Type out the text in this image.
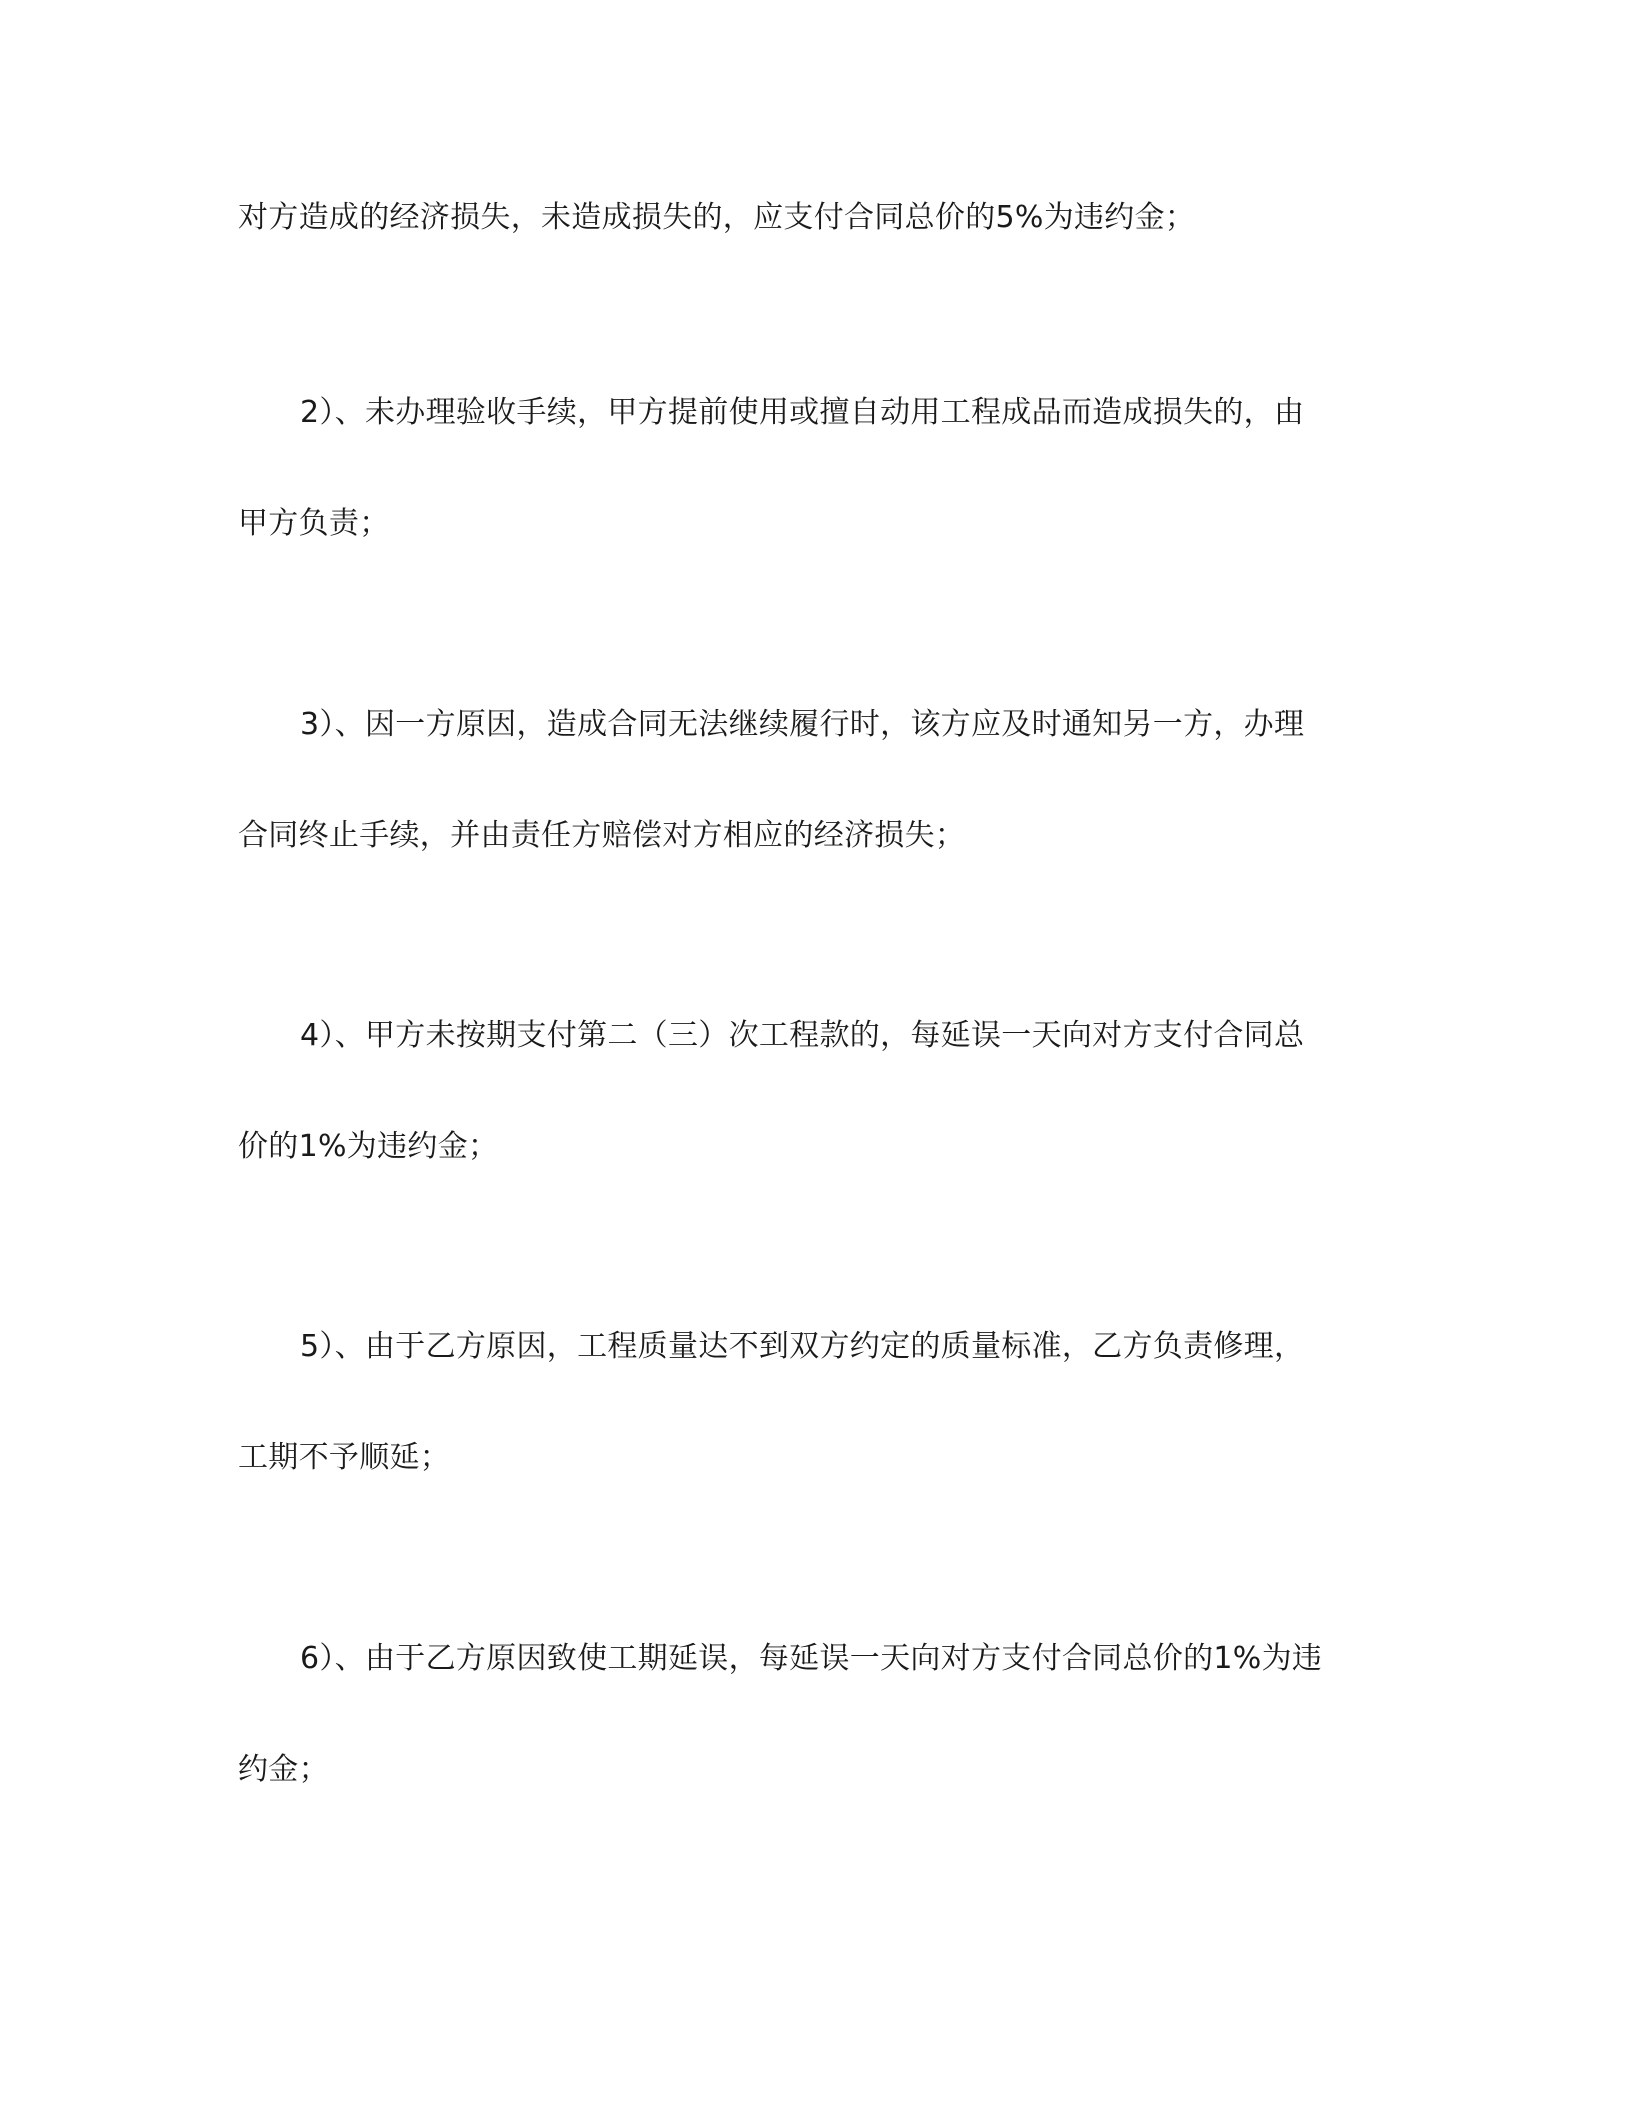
对方造成的经济损失，未造成损失的，应支付合同总价的5%为违约金；
2）、未办理验收手续，甲方提前使用或擅自动用工程成品而造成损失的，由
甲方负责；
3）、因一方原因，造成合同无法继续履行时，该方应及时通知另一方，办理
合同终止手续，并由责任方赔偿对方相应的经济损失；
4）、甲方未按期支付第二（三）次工程款的，每延误一天向对方支付合同总
价的1%为违约金；
5）、由于乙方原因，工程质量达不到双方约定的质量标准，乙方负责修理，
工期不予顺延；
6）、由于乙方原因致使工期延误，每延误一天向对方支付合同总价的1%为违
约金；
